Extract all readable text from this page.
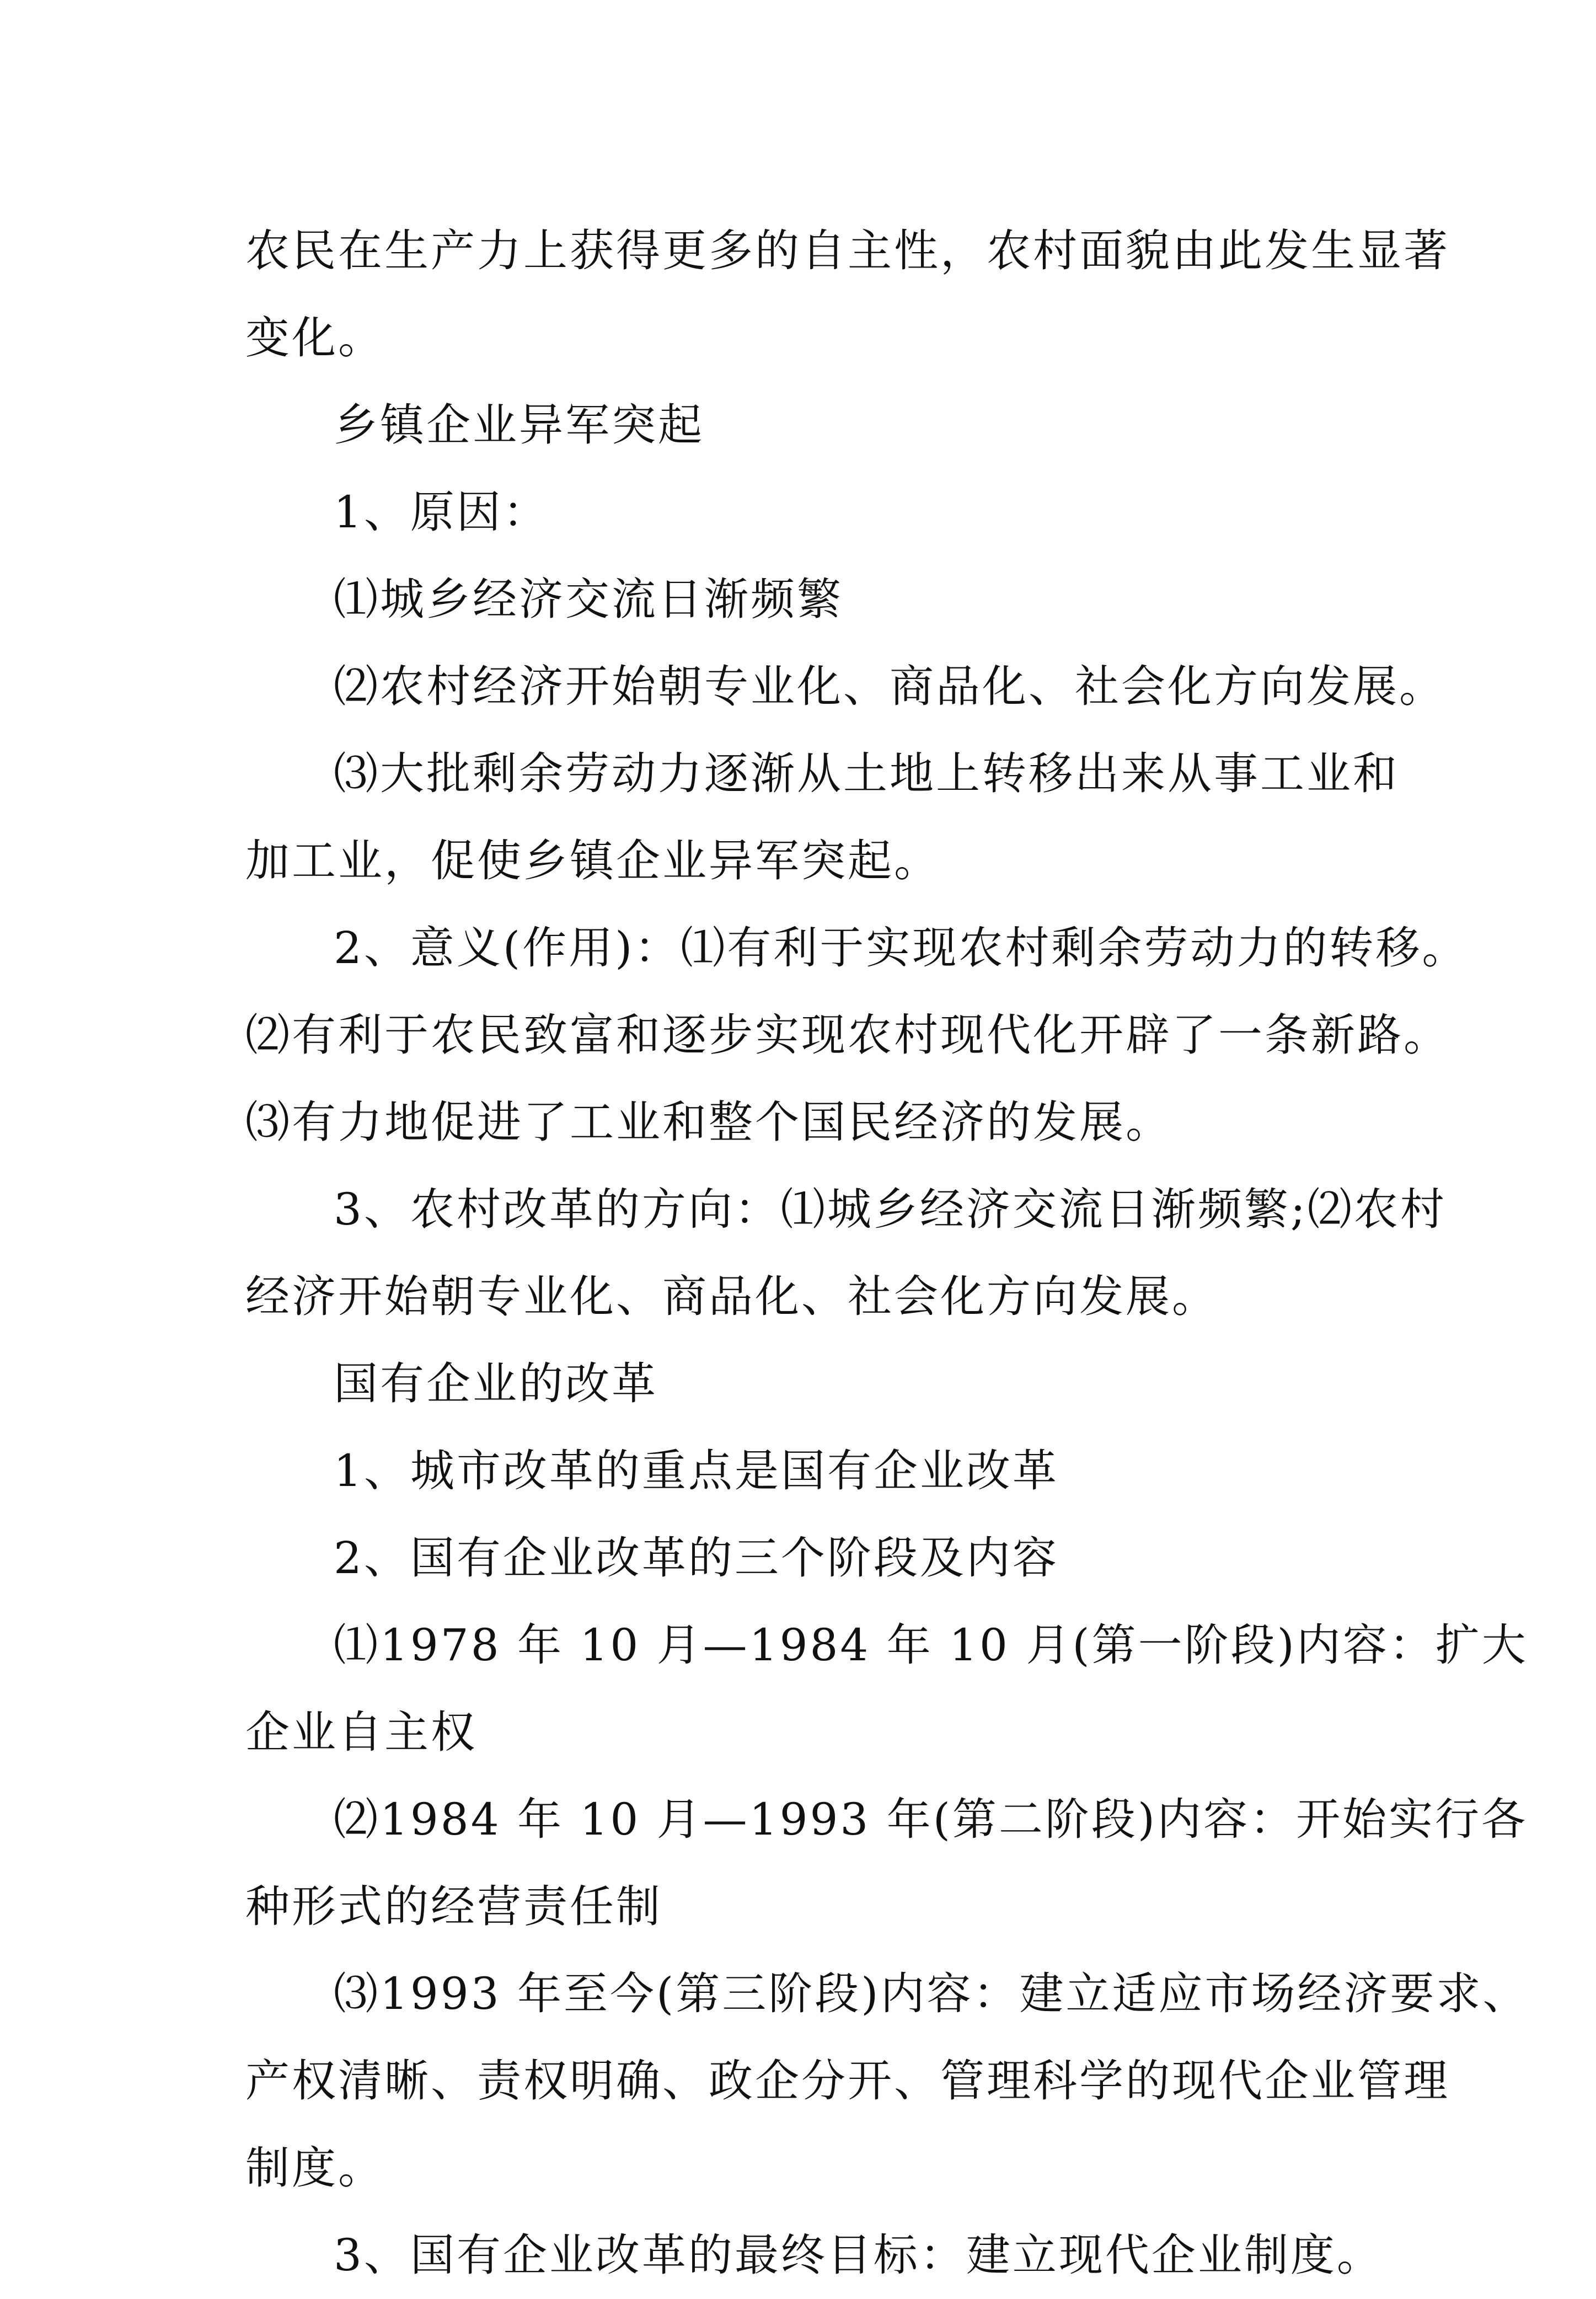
农民在生产力上获得更多的自主性，农村面貌由此发生显著
变化。
乡镇企业异军突起
1、原因：
⑴城乡经济交流日渐频繁
⑵农村经济开始朝专业化、商品化、社会化方向发展。
⑶大批剩余劳动力逐渐从土地上转移出来从事工业和
加工业，促使乡镇企业异军突起。
2、意义(作用)：⑴有利于实现农村剩余劳动力的转移。
⑵有利于农民致富和逐步实现农村现代化开辟了一条新路。
⑶有力地促进了工业和整个国民经济的发展。
3、农村改革的方向：⑴城乡经济交流日渐频繁;⑵农村
经济开始朝专业化、商品化、社会化方向发展。
国有企业的改革
1、城市改革的重点是国有企业改革
2、国有企业改革的三个阶段及内容
⑴1978 年 10 月—1984 年 10 月(第一阶段)内容：扩大
企业自主权
⑵1984 年 10 月—1993 年(第二阶段)内容：开始实行各
种形式的经营责任制
⑶1993 年至今(第三阶段)内容：建立适应市场经济要求、
产权清晰、责权明确、政企分开、管理科学的现代企业管理
制度。
3、国有企业改革的最终目标：建立现代企业制度。
